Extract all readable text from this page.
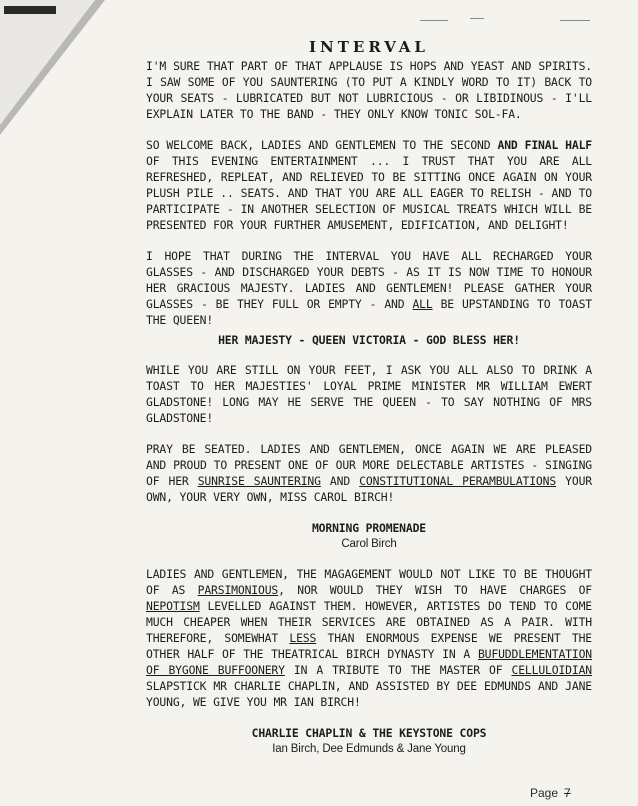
INTERVAL

I'M SURE THAT PART OF THAT APPLAUSE IS HOPS AND YEAST AND SPIRITS. I SAW SOME OF YOU SAUNTERING (TO PUT A KINDLY WORD TO IT) BACK TO YOUR SEATS - LUBRICATED BUT NOT LUBRICIOUS - OR LIBIDINOUS - I'LL EXPLAIN LATER TO THE BAND - THEY ONLY KNOW TONIC SOL-FA.

SO WELCOME BACK, LADIES AND GENTLEMEN TO THE SECOND AND FINAL HALF OF THIS EVENING ENTERTAINMENT ... I TRUST THAT YOU ARE ALL REFRESHED, REPLEAT, AND RELIEVED TO BE SITTING ONCE AGAIN ON YOUR PLUSH PILE .. SEATS. AND THAT YOU ARE ALL EAGER TO RELISH - AND TO PARTICIPATE - IN ANOTHER SELECTION OF MUSICAL TREATS WHICH WILL BE PRESENTED FOR YOUR FURTHER AMUSEMENT, EDIFICATION, AND DELIGHT!

I HOPE THAT DURING THE INTERVAL YOU HAVE ALL RECHARGED YOUR GLASSES - AND DISCHARGED YOUR DEBTS - AS IT IS NOW TIME TO HONOUR HER GRACIOUS MAJESTY. LADIES AND GENTLEMEN! PLEASE GATHER YOUR GLASSES - BE THEY FULL OR EMPTY - AND ALL BE UPSTANDING TO TOAST THE QUEEN!

HER MAJESTY - QUEEN VICTORIA - GOD BLESS HER!

WHILE YOU ARE STILL ON YOUR FEET, I ASK YOU ALL ALSO TO DRINK A TOAST TO HER MAJESTIES' LOYAL PRIME MINISTER MR WILLIAM EWERT GLADSTONE! LONG MAY HE SERVE THE QUEEN - TO SAY NOTHING OF MRS GLADSTONE!

PRAY BE SEATED. LADIES AND GENTLEMEN, ONCE AGAIN WE ARE PLEASED AND PROUD TO PRESENT ONE OF OUR MORE DELECTABLE ARTISTES - SINGING OF HER SUNRISE SAUNTERING AND CONSTITUTIONAL PERAMBULATIONS YOUR OWN, YOUR VERY OWN, MISS CAROL BIRCH!

MORNING PROMENADE
Carol Birch

LADIES AND GENTLEMEN, THE MAGAGEMENT WOULD NOT LIKE TO BE THOUGHT OF AS PARSIMONIOUS, NOR WOULD THEY WISH TO HAVE CHARGES OF NEPOTISM LEVELLED AGAINST THEM. HOWEVER, ARTISTES DO TEND TO COME MUCH CHEAPER WHEN THEIR SERVICES ARE OBTAINED AS A PAIR. WITH THEREFORE, SOMEWHAT LESS THAN ENORMOUS EXPENSE WE PRESENT THE OTHER HALF OF THE THEATRICAL BIRCH DYNASTY IN A BUFUDDLEMENTATION OF BYGONE BUFFOONERY IN A TRIBUTE TO THE MASTER OF CELLULOIDIAN SLAPSTICK MR CHARLIE CHAPLIN, AND ASSISTED BY DEE EDMUNDS AND JANE YOUNG, WE GIVE YOU MR IAN BIRCH!

CHARLIE CHAPLIN & THE KEYSTONE COPS
Ian Birch, Dee Edmunds & Jane Young
Page 7
